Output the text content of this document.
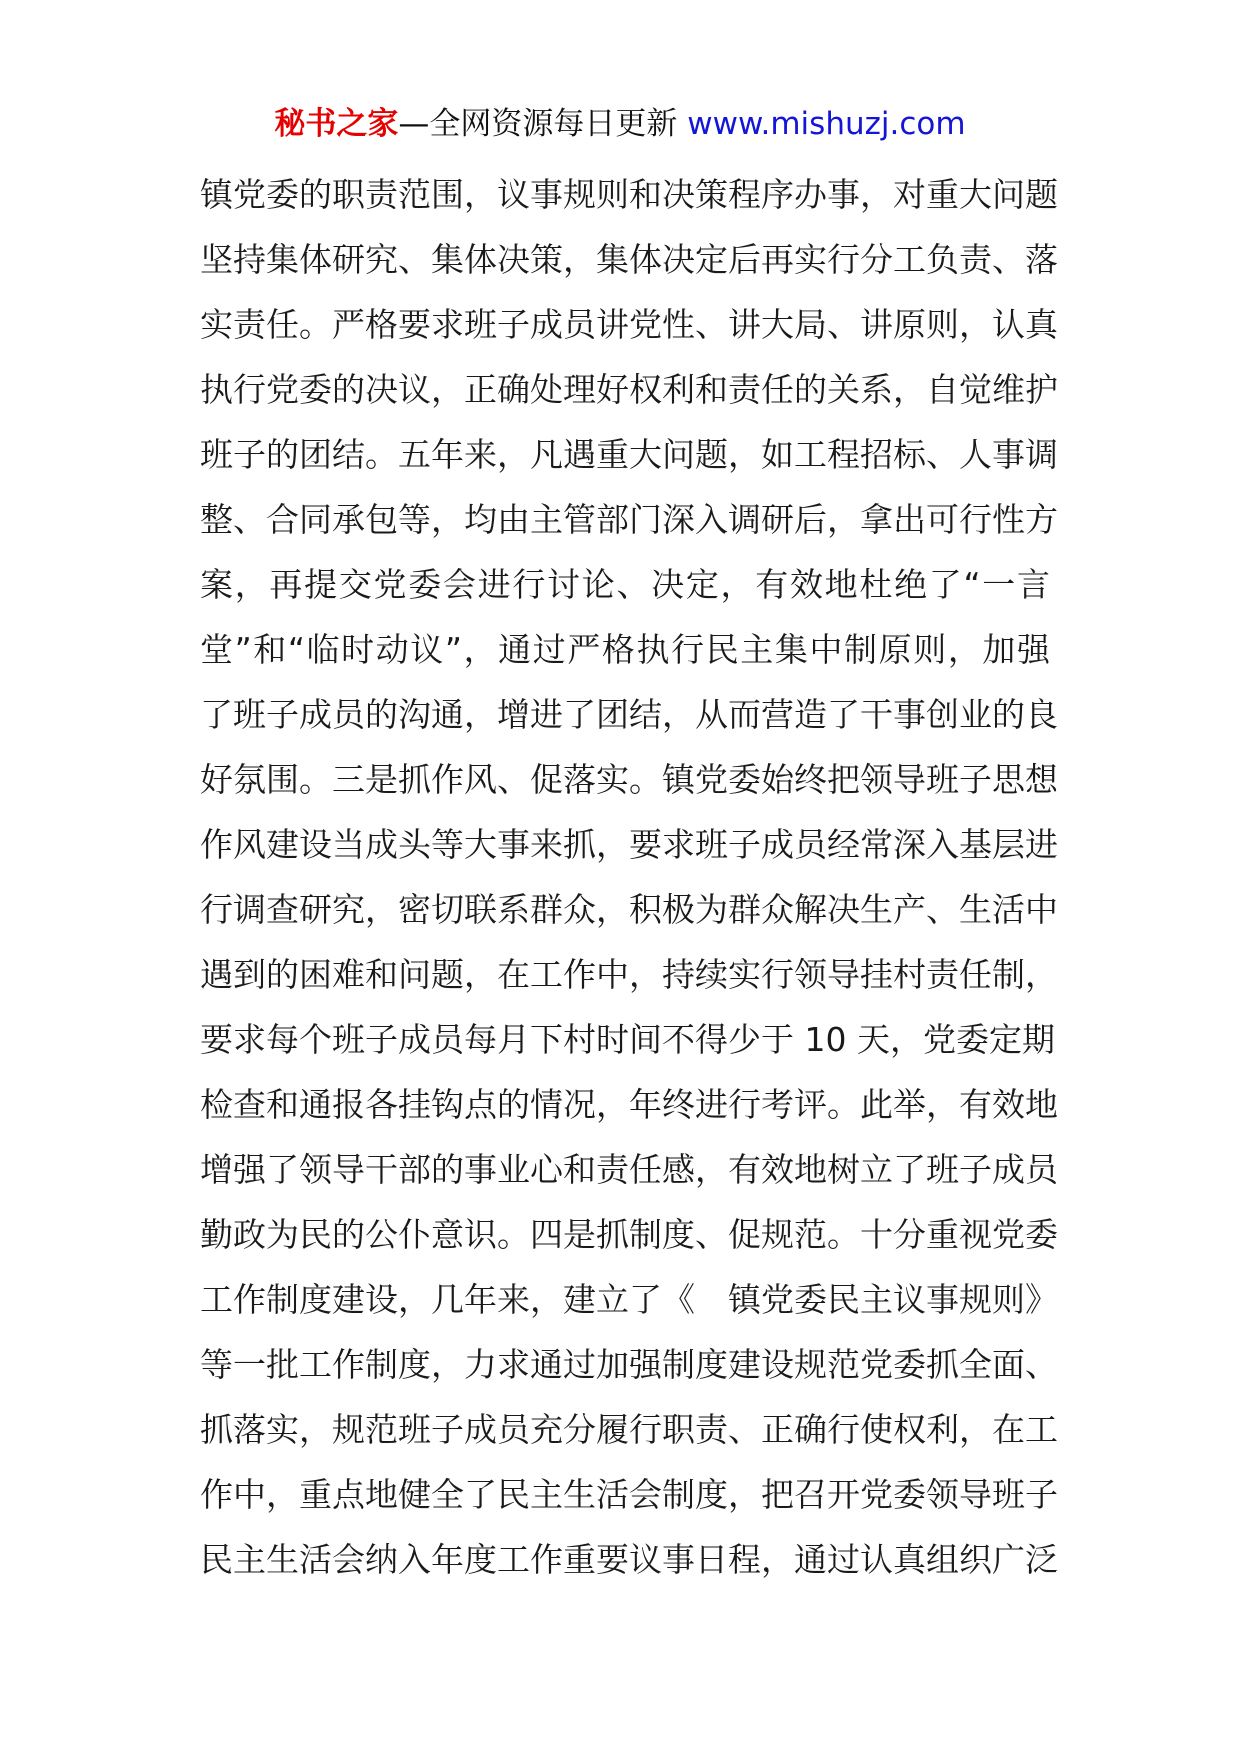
秘书之家—全网资源每日更新 www.mishuzj.com
镇党委的职责范围，议事规则和决策程序办事，对重大问题
坚持集体研究、集体决策，集体决定后再实行分工负责、落
实责任。严格要求班子成员讲党性、讲大局、讲原则，认真
执行党委的决议，正确处理好权利和责任的关系，自觉维护
班子的团结。五年来，凡遇重大问题，如工程招标、人事调
整、合同承包等，均由主管部门深入调研后，拿出可行性方
案，再提交党委会进行讨论、决定，有效地杜绝了“一言
堂”和“临时动议”，通过严格执行民主集中制原则，加强
了班子成员的沟通，增进了团结，从而营造了干事创业的良
好氛围。三是抓作风、促落实。镇党委始终把领导班子思想
作风建设当成头等大事来抓，要求班子成员经常深入基层进
行调查研究，密切联系群众，积极为群众解决生产、生活中
遇到的困难和问题，在工作中，持续实行领导挂村责任制，
要求每个班子成员每月下村时间不得少于 10 天，党委定期
检查和通报各挂钩点的情况，年终进行考评。此举，有效地
增强了领导干部的事业心和责任感，有效地树立了班子成员
勤政为民的公仆意识。四是抓制度、促规范。十分重视党委
工作制度建设，几年来，建立了《　镇党委民主议事规则》
等一批工作制度，力求通过加强制度建设规范党委抓全面、
抓落实，规范班子成员充分履行职责、正确行使权利，在工
作中，重点地健全了民主生活会制度，把召开党委领导班子
民主生活会纳入年度工作重要议事日程，通过认真组织广泛
